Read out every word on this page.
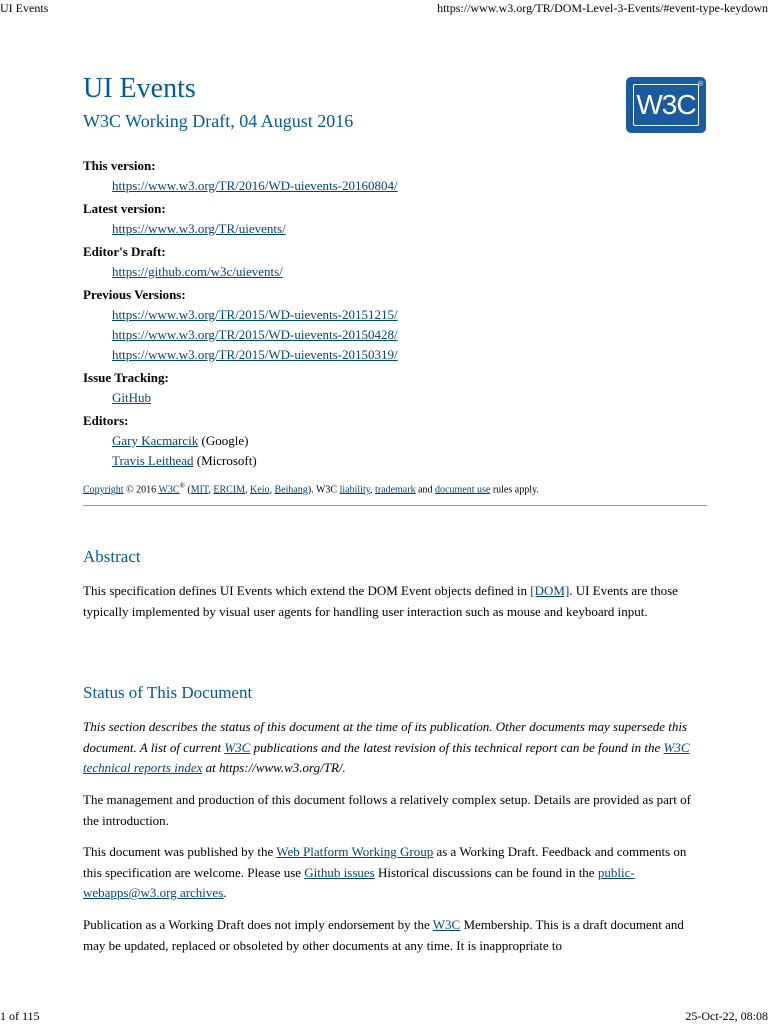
UI Events	https://www.w3.org/TR/DOM-Level-3-Events/#event-type-keydown
UI Events
W3C Working Draft, 04 August 2016
W3C
®
This version:
https://www.w3.org/TR/2016/WD-uievents-20160804/
Latest version:
https://www.w3.org/TR/uievents/
Editor's Draft:
https://github.com/w3c/uievents/
Previous Versions:
https://www.w3.org/TR/2015/WD-uievents-20151215/
https://www.w3.org/TR/2015/WD-uievents-20150428/
https://www.w3.org/TR/2015/WD-uievents-20150319/
Issue Tracking:
GitHub
Editors:
Gary Kacmarcik (Google)
Travis Leithead (Microsoft)
Copyright © 2016 W3C® (MIT, ERCIM, Keio, Beihang). W3C liability, trademark and document use rules apply.
Abstract

This specification defines UI Events which extend the DOM Event objects defined in [DOM]. UI Events are those typically implemented by visual user agents for handling user interaction such as mouse and keyboard input.

Status of This Document

This section describes the status of this document at the time of its publication. Other documents may supersede this document. A list of current W3C publications and the latest revision of this technical report can be found in the W3C technical reports index at https://www.w3.org/TR/.

The management and production of this document follows a relatively complex setup. Details are provided as part of the introduction.

This document was published by the Web Platform Working Group as a Working Draft. Feedback and comments on this specification are welcome. Please use Github issues Historical discussions can be found in the public-webapps@w3.org archives.

Publication as a Working Draft does not imply endorsement by the W3C Membership. This is a draft document and may be updated, replaced or obsoleted by other documents at any time. It is inappropriate to

1 of 115	25-Oct-22, 08:08
